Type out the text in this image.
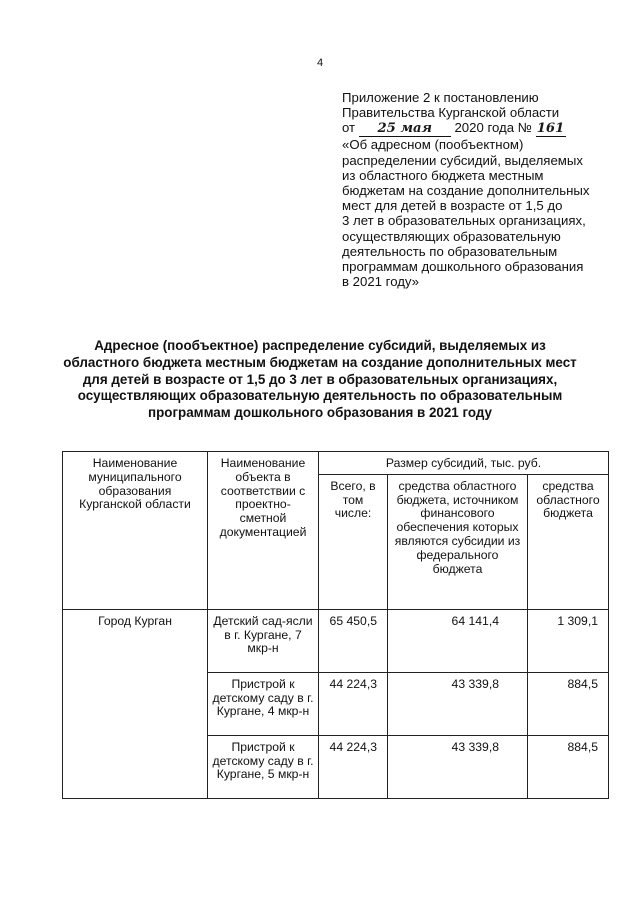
4
Приложение 2 к постановлению
Правительства Курганской области
от 25 мая 2020 года № 161
«Об адресном (пообъектном)
распределении субсидий, выделяемых
из областного бюджета местным
бюджетам на создание дополнительных
мест для детей в возрасте от 1,5 до
3 лет в образовательных организациях,
осуществляющих образовательную
деятельность по образовательным
программам дошкольного образования
в 2021 году»
Адресное (пообъектное) распределение субсидий, выделяемых из
областного бюджета местным бюджетам на создание дополнительных мест
для детей в возрасте от 1,5 до 3 лет в образовательных организациях,
осуществляющих образовательную деятельность по образовательным
программам дошкольного образования в 2021 году
Наименование муниципального образования Курганской области	Наименование объекта в соответствии с проектно-сметной документацией	Размер субсидий, тыс. руб.		
		Всего, в том числе:	средства областного бюджета, источником финансового обеспечения которых являются субсидии из федерального бюджета	средства областного бюджета
Город Курган	Детский сад-ясли в г. Кургане, 7 мкр-н	65 450,5	64 141,4	1 309,1
	Пристрой к детскому саду в г. Кургане, 4 мкр-н	44 224,3	43 339,8	884,5
	Пристрой к детскому саду в г. Кургане, 5 мкр-н	44 224,3	43 339,8	884,5
